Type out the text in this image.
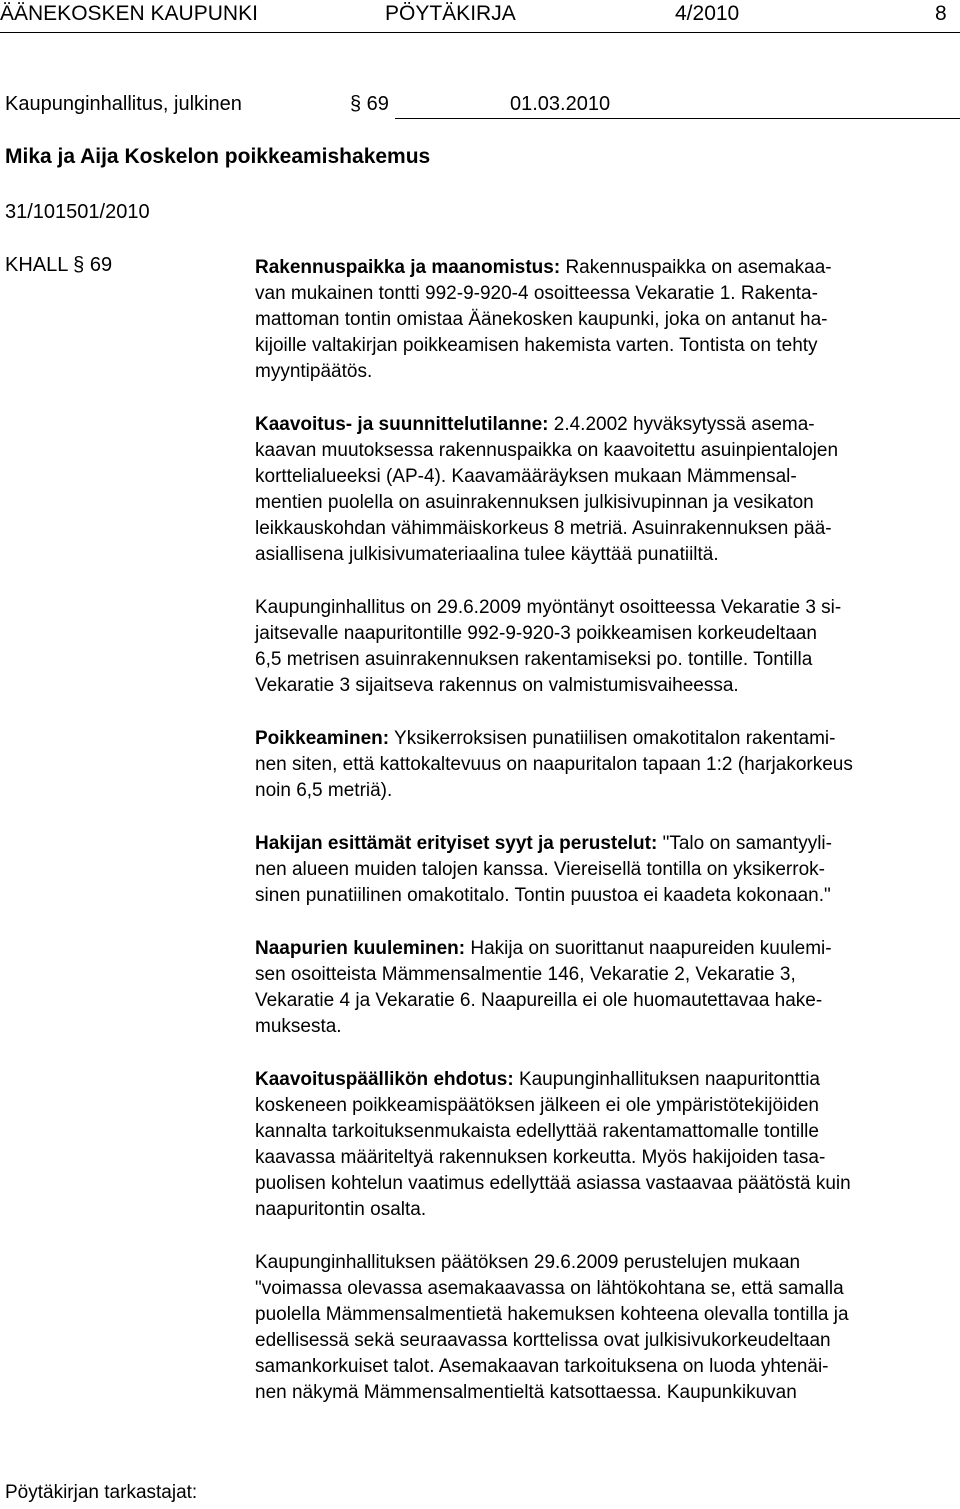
ÄÄNEKOSKEN KAUPUNKI	PÖYTÄKIRJA	4/2010	8
Kaupunginhallitus, julkinen	§ 69	01.03.2010
Mika ja Aija Koskelon poikkeamishakemus
31/101501/2010
KHALL § 69	Rakennuspaikka ja maanomistus: Rakennuspaikka on asemakaa-
van mukainen tontti 992-9-920-4 osoitteessa Vekaratie 1. Rakenta-
mattoman tontin omistaa Äänekosken kaupunki, joka on antanut ha-
kijoille valtakirjan poikkeamisen hakemista varten. Tontista on tehty
myyntipäätös.

Kaavoitus- ja suunnittelutilanne: 2.4.2002 hyväksytyssä asema-
kaavan muutoksessa rakennuspaikka on kaavoitettu asuinpientalojen
korttelialueeksi (AP-4). Kaavamääräyksen mukaan Mämmensal-
mentien puolella on asuinrakennuksen julkisivupinnan ja vesikaton
leikkauskohdan vähimmäiskorkeus 8 metriä. Asuinrakennuksen pää-
asiallisena julkisivumateriaalina tulee käyttää punatiiltä.

Kaupunginhallitus on 29.6.2009 myöntänyt osoitteessa Vekaratie 3 si-
jaitsevalle naapuritontille 992-9-920-3 poikkeamisen korkeudeltaan
6,5 metrisen asuinrakennuksen rakentamiseksi po. tontille. Tontilla
Vekaratie 3 sijaitseva rakennus on valmistumisvaiheessa.

Poikkeaminen: Yksikerroksisen punatiilisen omakotitalon rakentami-
nen siten, että kattokaltevuus on naapuritalon tapaan 1:2 (harjakorkeus
noin 6,5 metriä).

Hakijan esittämät erityiset syyt ja perustelut: "Talo on samantyyli-
nen alueen muiden talojen kanssa. Viereisellä tontilla on yksikerrok-
sinen punatiilinen omakotitalo. Tontin puustoa ei kaadeta kokonaan."

Naapurien kuuleminen: Hakija on suorittanut naapureiden kuulemi-
sen osoitteista Mämmensalmentie 146, Vekaratie 2, Vekaratie 3,
Vekaratie 4 ja Vekaratie 6. Naapureilla ei ole huomautettavaa hake-
muksesta.

Kaavoituspäällikön ehdotus: Kaupunginhallituksen naapuritonttia
koskeneen poikkeamispäätöksen jälkeen ei ole ympäristötekijöiden
kannalta tarkoituksenmukaista edellyttää rakentamattomalle tontille
kaavassa määriteltyä rakennuksen korkeutta. Myös hakijoiden tasa-
puolisen kohtelun vaatimus edellyttää asiassa vastaavaa päätöstä kuin
naapuritontin osalta.

Kaupunginhallituksen päätöksen 29.6.2009 perustelujen mukaan
"voimassa olevassa asemakaavassa on lähtökohtana se, että samalla
puolella Mämmensalmentietä hakemuksen kohteena olevalla tontilla ja
edellisessä sekä seuraavassa korttelissa ovat julkisivukorkeudeltaan
samankorkuiset talot. Asemakaavan tarkoituksena on luoda yhtenäi-
nen näkymä Mämmensalmentieltä katsottaessa. Kaupunkikuvan

Pöytäkirjan tarkastajat:
